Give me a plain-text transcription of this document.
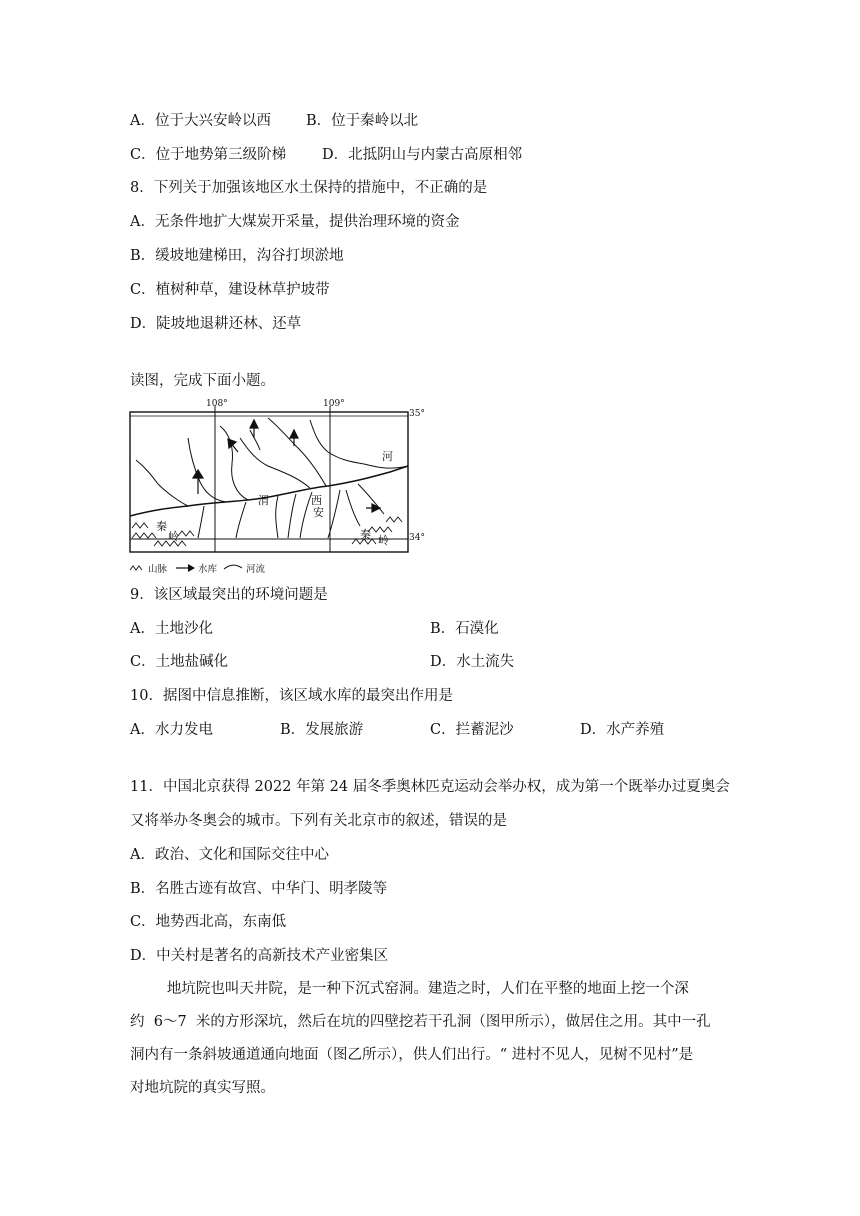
A．位于大兴安岭以西 B．位于秦岭以北
C．位于地势第三级阶梯 D．北抵阴山与内蒙古高原相邻
8．下列关于加强该地区水土保持的措施中，不正确的是
A．无条件地扩大煤炭开采量，提供治理环境的资金
B．缓坡地建梯田，沟谷打坝淤地
C．植树种草，建设林草护坡带
D．陡坡地退耕还林、还草
读图，完成下面小题。
108°	109°
35°
34°
河
渭	西
安
秦
岭	秦 岭
山脉	水库	河流
9．该区域最突出的环境问题是
A．土地沙化	B．石漠化
C．土地盐碱化	D．水土流失
10．据图中信息推断，该区域水库的最突出作用是
A．水力发电	B．发展旅游	C．拦蓄泥沙	D．水产养殖
11．中国北京获得 2022 年第 24 届冬季奥林匹克运动会举办权，成为第一个既举办过夏奥会
又将举办冬奥会的城市。下列有关北京市的叙述，错误的是
A．政治、文化和国际交往中心
B．名胜古迹有故宫、中华门、明孝陵等
C．地势西北高，东南低
D．中关村是著名的高新技术产业密集区
地坑院也叫天井院，是一种下沉式窑洞。建造之时，人们在平整的地面上挖一个深
约  6～7  米的方形深坑，然后在坑的四壁挖若干孔洞（图甲所示），做居住之用。其中一孔
洞内有一条斜坡通道通向地面（图乙所示），供人们出行。“ 进村不见人，见树不见村”是
对地坑院的真实写照。
